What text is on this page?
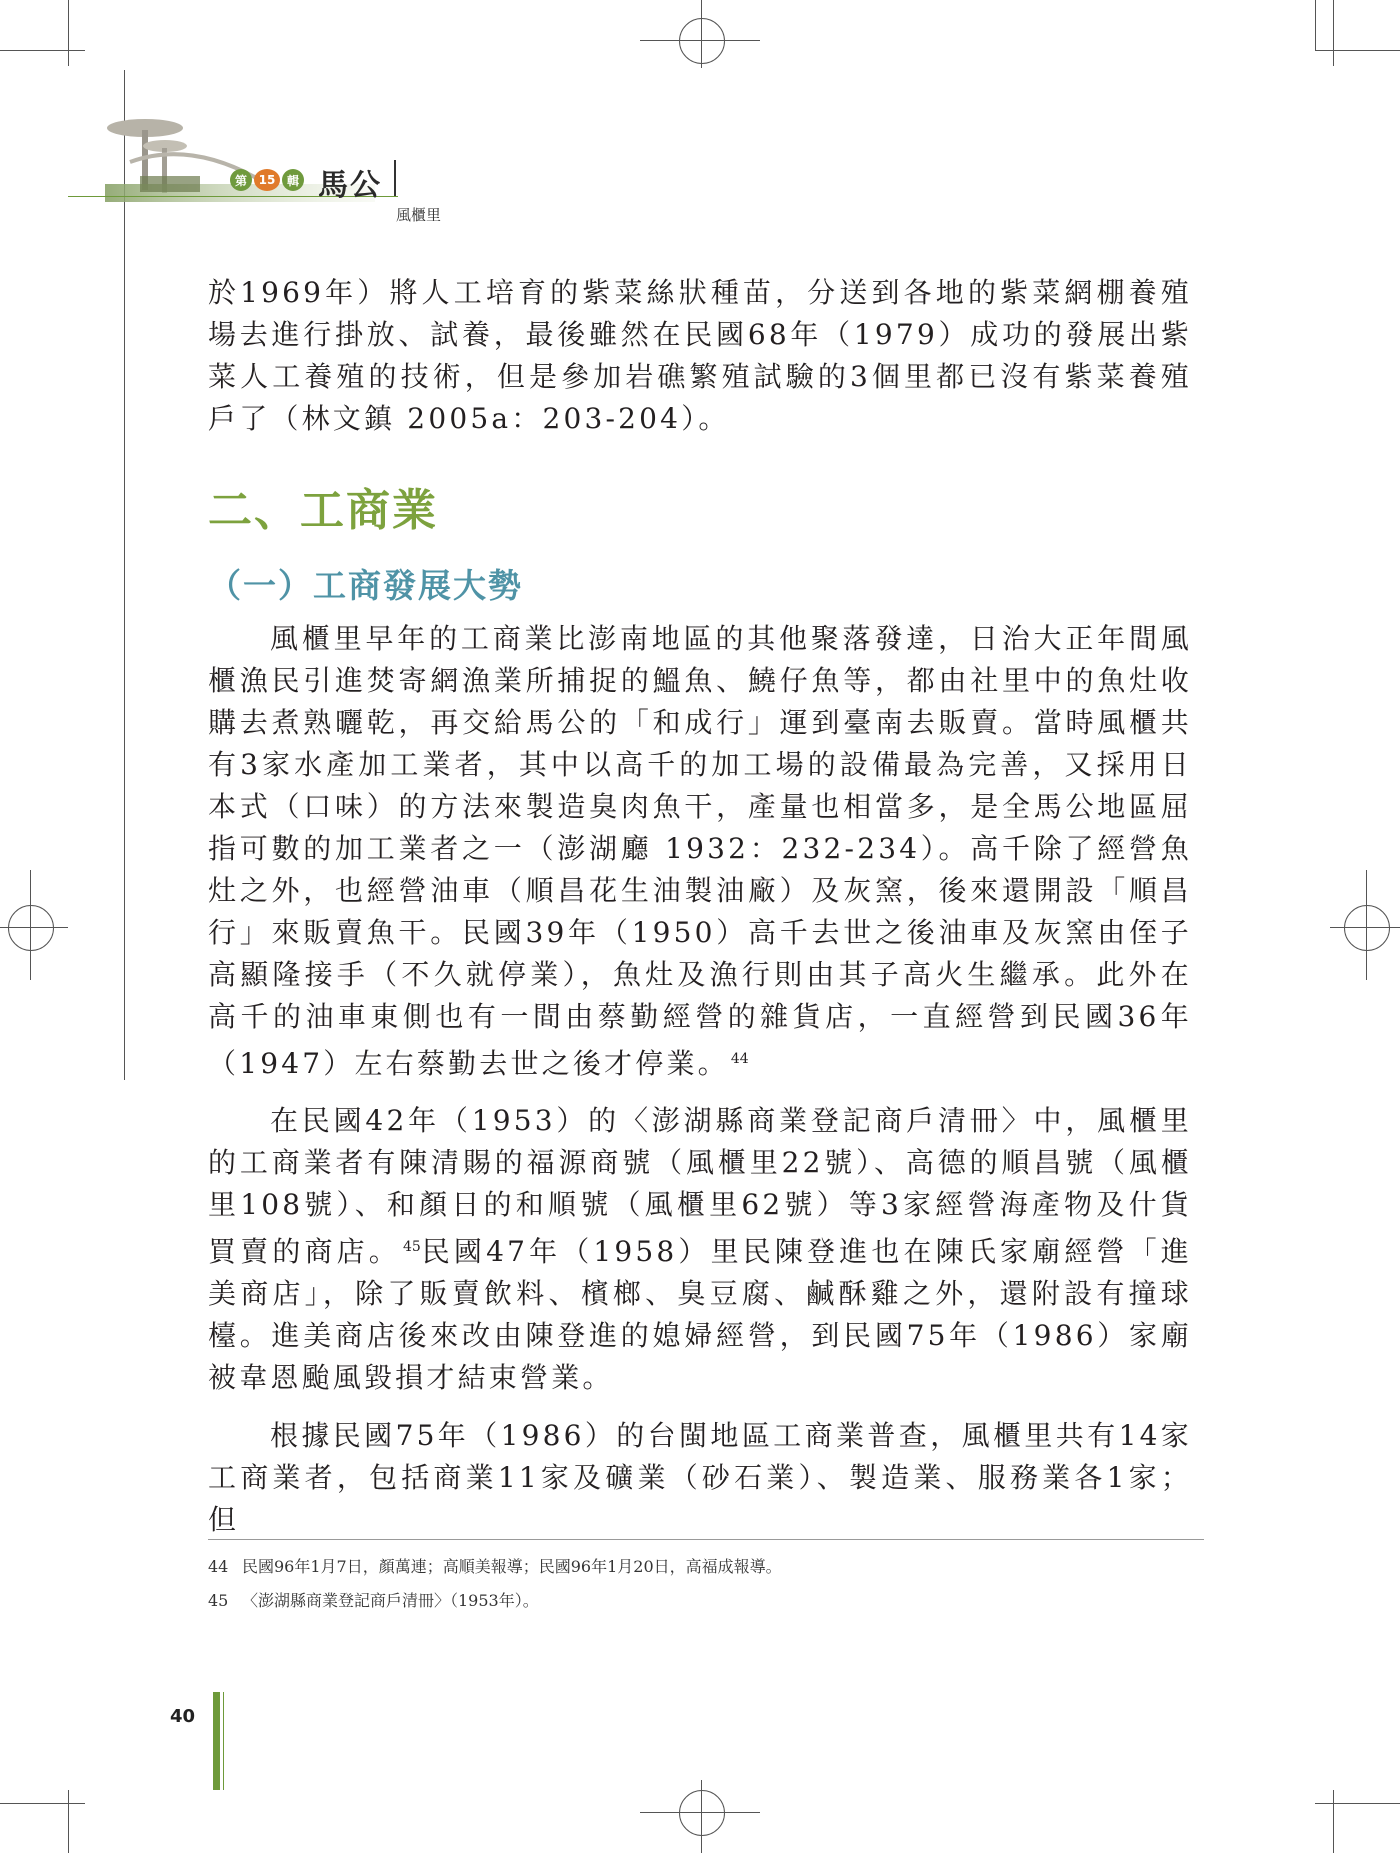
第 15 輯 馬公
風櫃里

於1969年）將人工培育的紫菜絲狀種苗，分送到各地的紫菜網棚養殖場去進行掛放、試養，最後雖然在民國68年（1979）成功的發展出紫菜人工養殖的技術，但是參加岩礁繁殖試驗的3個里都已沒有紫菜養殖戶了（林文鎮 2005a：203-204）。

二、工商業
（一）工商發展大勢

風櫃里早年的工商業比澎南地區的其他聚落發達，日治大正年間風櫃漁民引進焚寄網漁業所捕捉的鰮魚、鱙仔魚等，都由社里中的魚灶收購去煮熟曬乾，再交給馬公的「和成行」運到臺南去販賣。當時風櫃共有3家水產加工業者，其中以高千的加工場的設備最為完善，又採用日本式（口味）的方法來製造臭肉魚干，產量也相當多，是全馬公地區屈指可數的加工業者之一（澎湖廳 1932：232-234）。高千除了經營魚灶之外，也經營油車（順昌花生油製油廠）及灰窯，後來還開設「順昌行」來販賣魚干。民國39年（1950）高千去世之後油車及灰窯由侄子高顯隆接手（不久就停業），魚灶及漁行則由其子高火生繼承。此外在高千的油車東側也有一間由蔡勤經營的雜貨店，一直經營到民國36年（1947）左右蔡勤去世之後才停業。 $^{44}$

在民國42年（1953）的〈澎湖縣商業登記商戶清冊〉中，風櫃里的工商業者有陳清賜的福源商號（風櫃里22號）、高德的順昌號（風櫃里108號）、和顏日的和順號（風櫃里62號）等3家經營海產物及什貨買賣的商店。 $^{45}$民國47年（1958）里民陳登進也在陳氏家廟經營「進美商店」，除了販賣飲料、檳榔、臭豆腐、鹹酥雞之外，還附設有撞球檯。進美商店後來改由陳登進的媳婦經營，到民國75年（1986）家廟被韋恩颱風毀損才結束營業。

根據民國75年（1986）的台閩地區工商業普查，風櫃里共有14家工商業者，包括商業11家及礦業（砂石業）、製造業、服務業各1家；但

44 民國96年1月7日，顏萬連；高順美報導；民國96年1月20日，高福成報導。
45 〈澎湖縣商業登記商戶清冊〉（1953年）。
40
